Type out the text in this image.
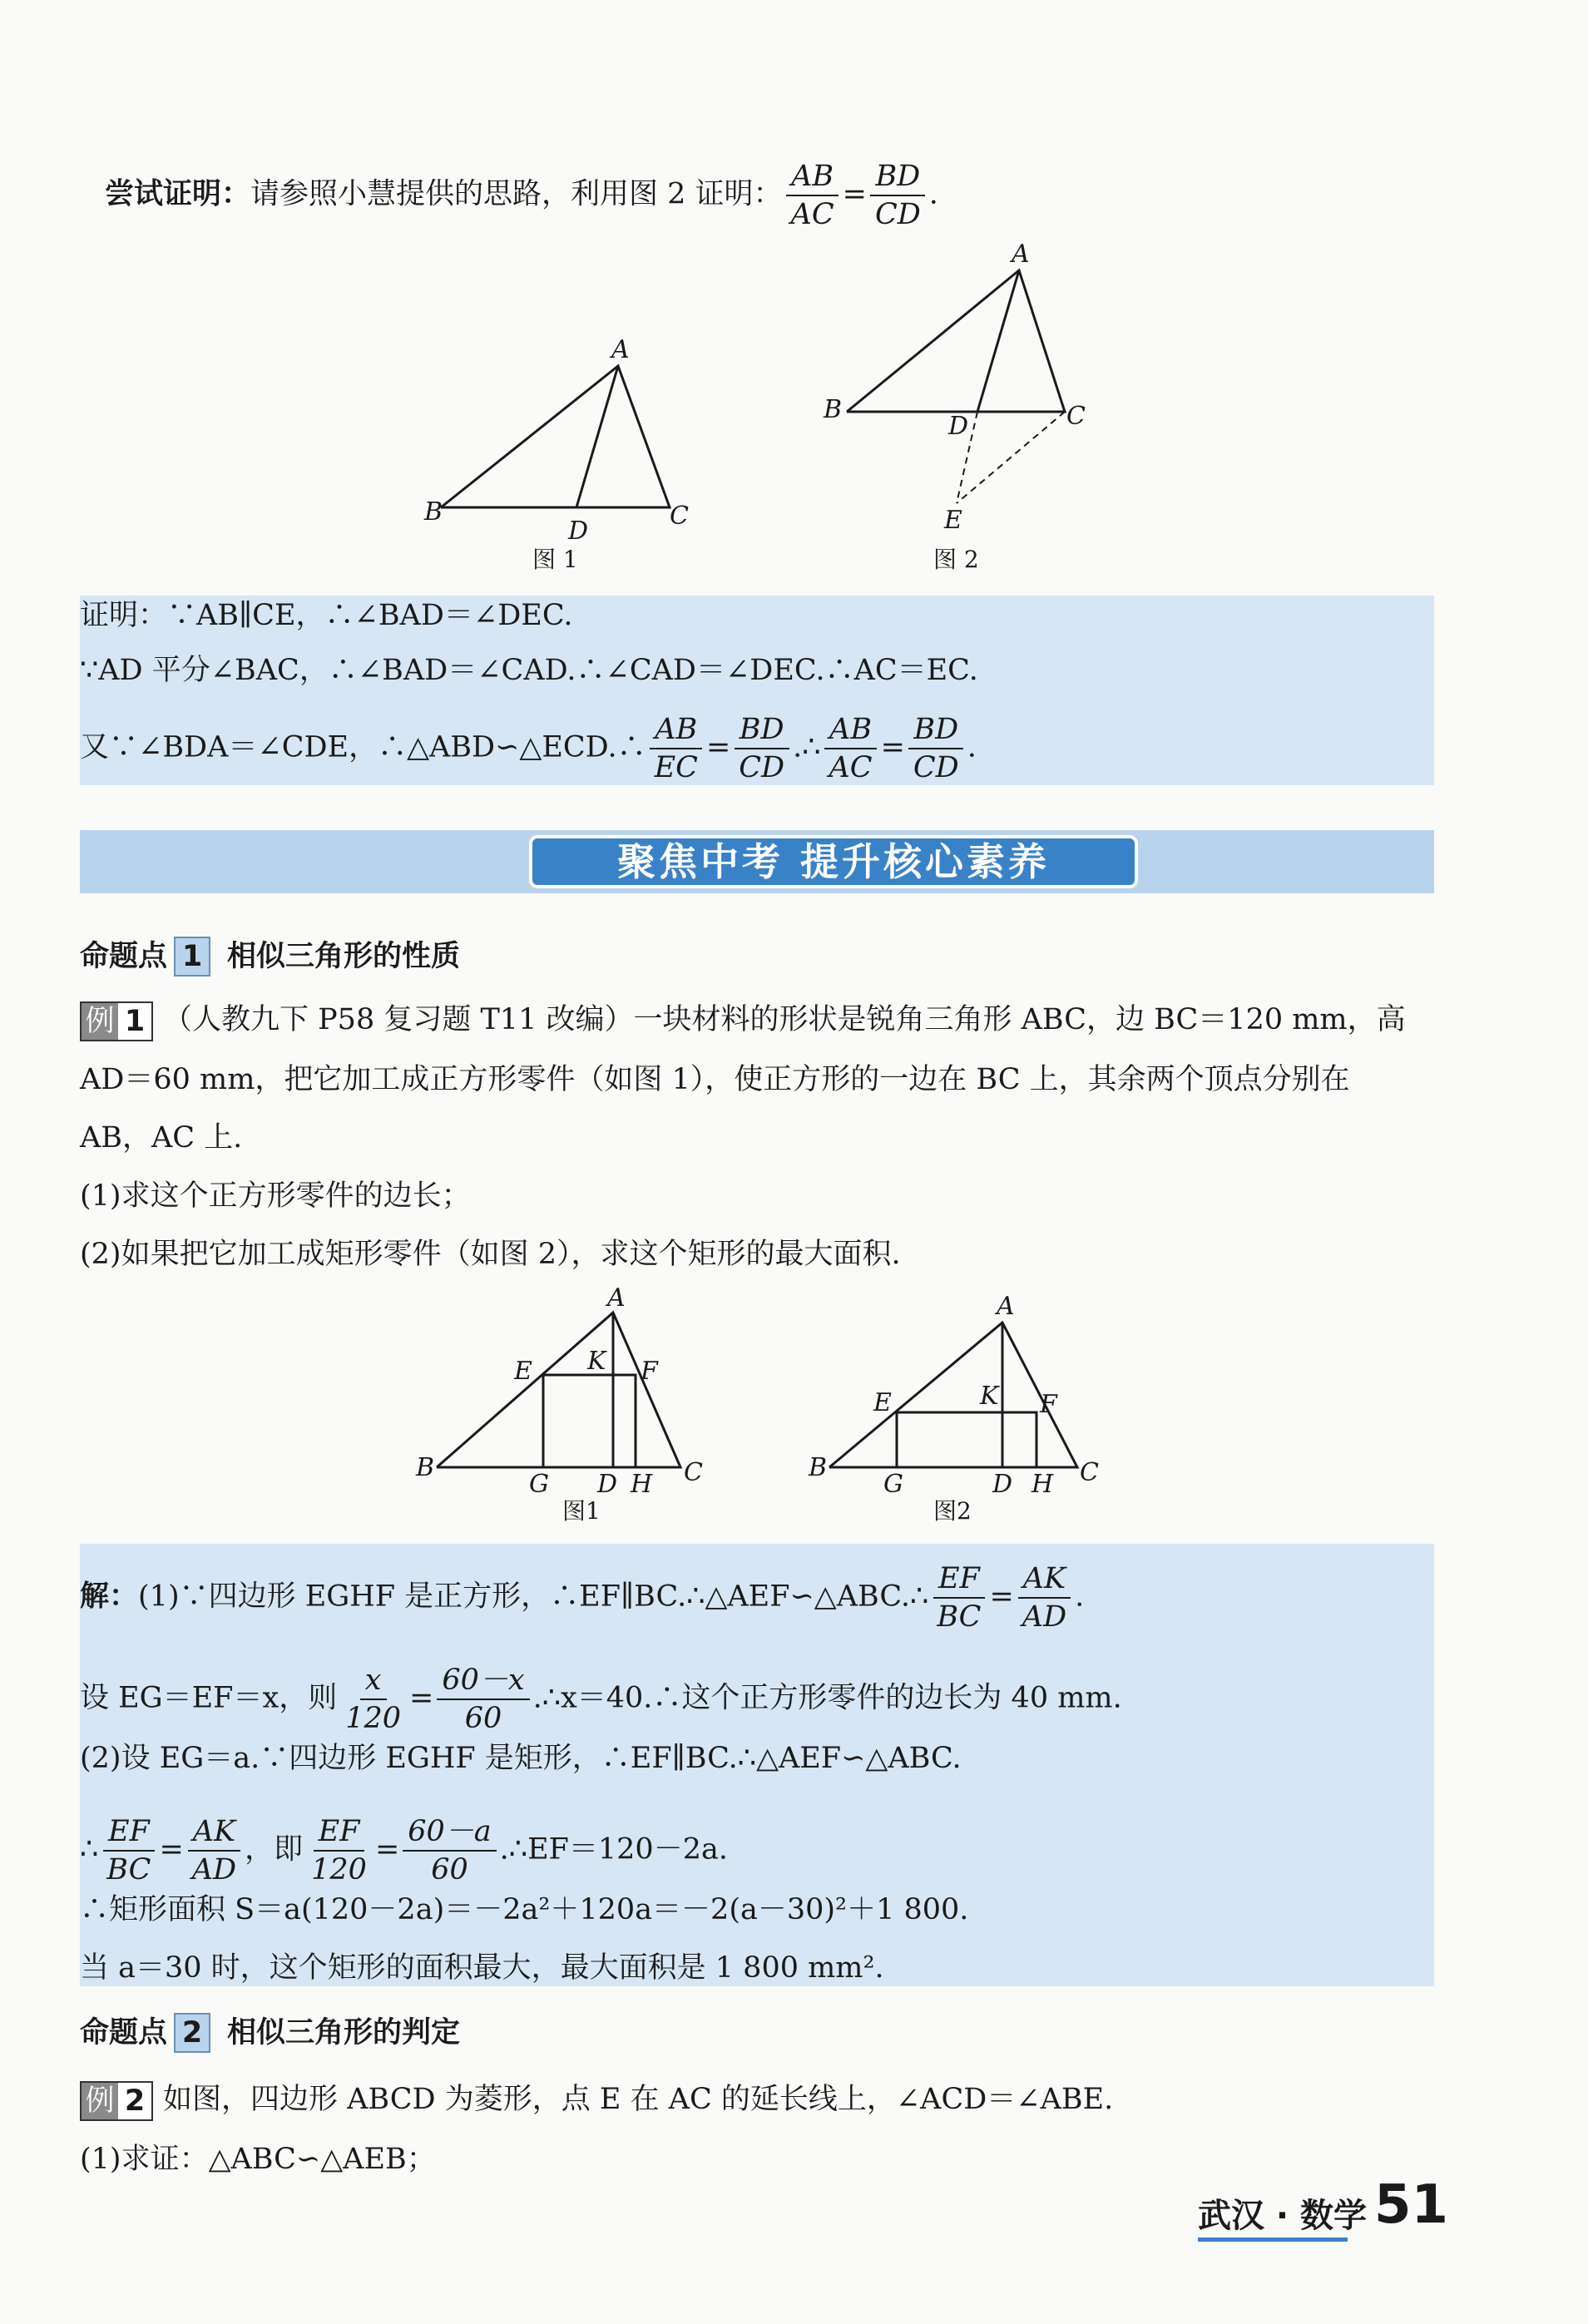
尝试证明：请参照小慧提供的思路，利用图 2 证明： $\frac{AB}{AC} = \frac{BD}{CD}$ .
A
B	C
D
图 1
A
B	C
D
E
图 2
证明：∵AB∥CE，∴∠BAD＝∠DEC.
∵AD 平分∠BAC，∴∠BAD＝∠CAD.∴∠CAD＝∠DEC.∴AC＝EC.
又∵∠BDA＝∠CDE，∴△ABD∽△ECD.∴ $\frac{AB}{EC} = \frac{BD}{CD}$ .∴ $\frac{AB}{AC} = \frac{BD}{CD}$ .
聚焦中考 提升核心素养
命题点 1 相似三角形的性质
例 1 （人教九下 P58 复习题 T11 改编）一块材料的形状是锐角三角形 ABC，边 BC＝120 mm，高
AD＝60 mm，把它加工成正方形零件（如图 1），使正方形的一边在 BC 上，其余两个顶点分别在
AB，AC 上.
(1)求这个正方形零件的边长；
(2)如果把它加工成矩形零件（如图 2），求这个矩形的最大面积.
A
B	C
D
E	F
G	H
K
图1
A
B	C
D
E	F
G	H
K
图2
解：(1)∵四边形 EGHF 是正方形，∴EF∥BC.∴△AEF∽△ABC.∴ $\frac{EF}{BC} = \frac{AK}{AD}$ .
设 EG＝EF＝x，则 $\frac{x}{120} = \frac{60-x}{60}$ .∴x＝40.∴这个正方形零件的边长为 40 mm.
(2)设 EG＝a.∵四边形 EGHF 是矩形，∴EF∥BC.∴△AEF∽△ABC.
∴ $\frac{EF}{BC} = \frac{AK}{AD}$ ，即 $\frac{EF}{120} = \frac{60-a}{60}$ .∴EF＝120－2a.
∴矩形面积 S＝a(120－2a)＝－2a²＋120a＝－2(a－30)²＋1 800.
当 a＝30 时，这个矩形的面积最大，最大面积是 1 800 mm².
命题点 2 相似三角形的判定
例 2 如图，四边形 ABCD 为菱形，点 E 在 AC 的延长线上，∠ACD＝∠ABE.
(1)求证：△ABC∽△AEB；
武汉 · 数学 51
